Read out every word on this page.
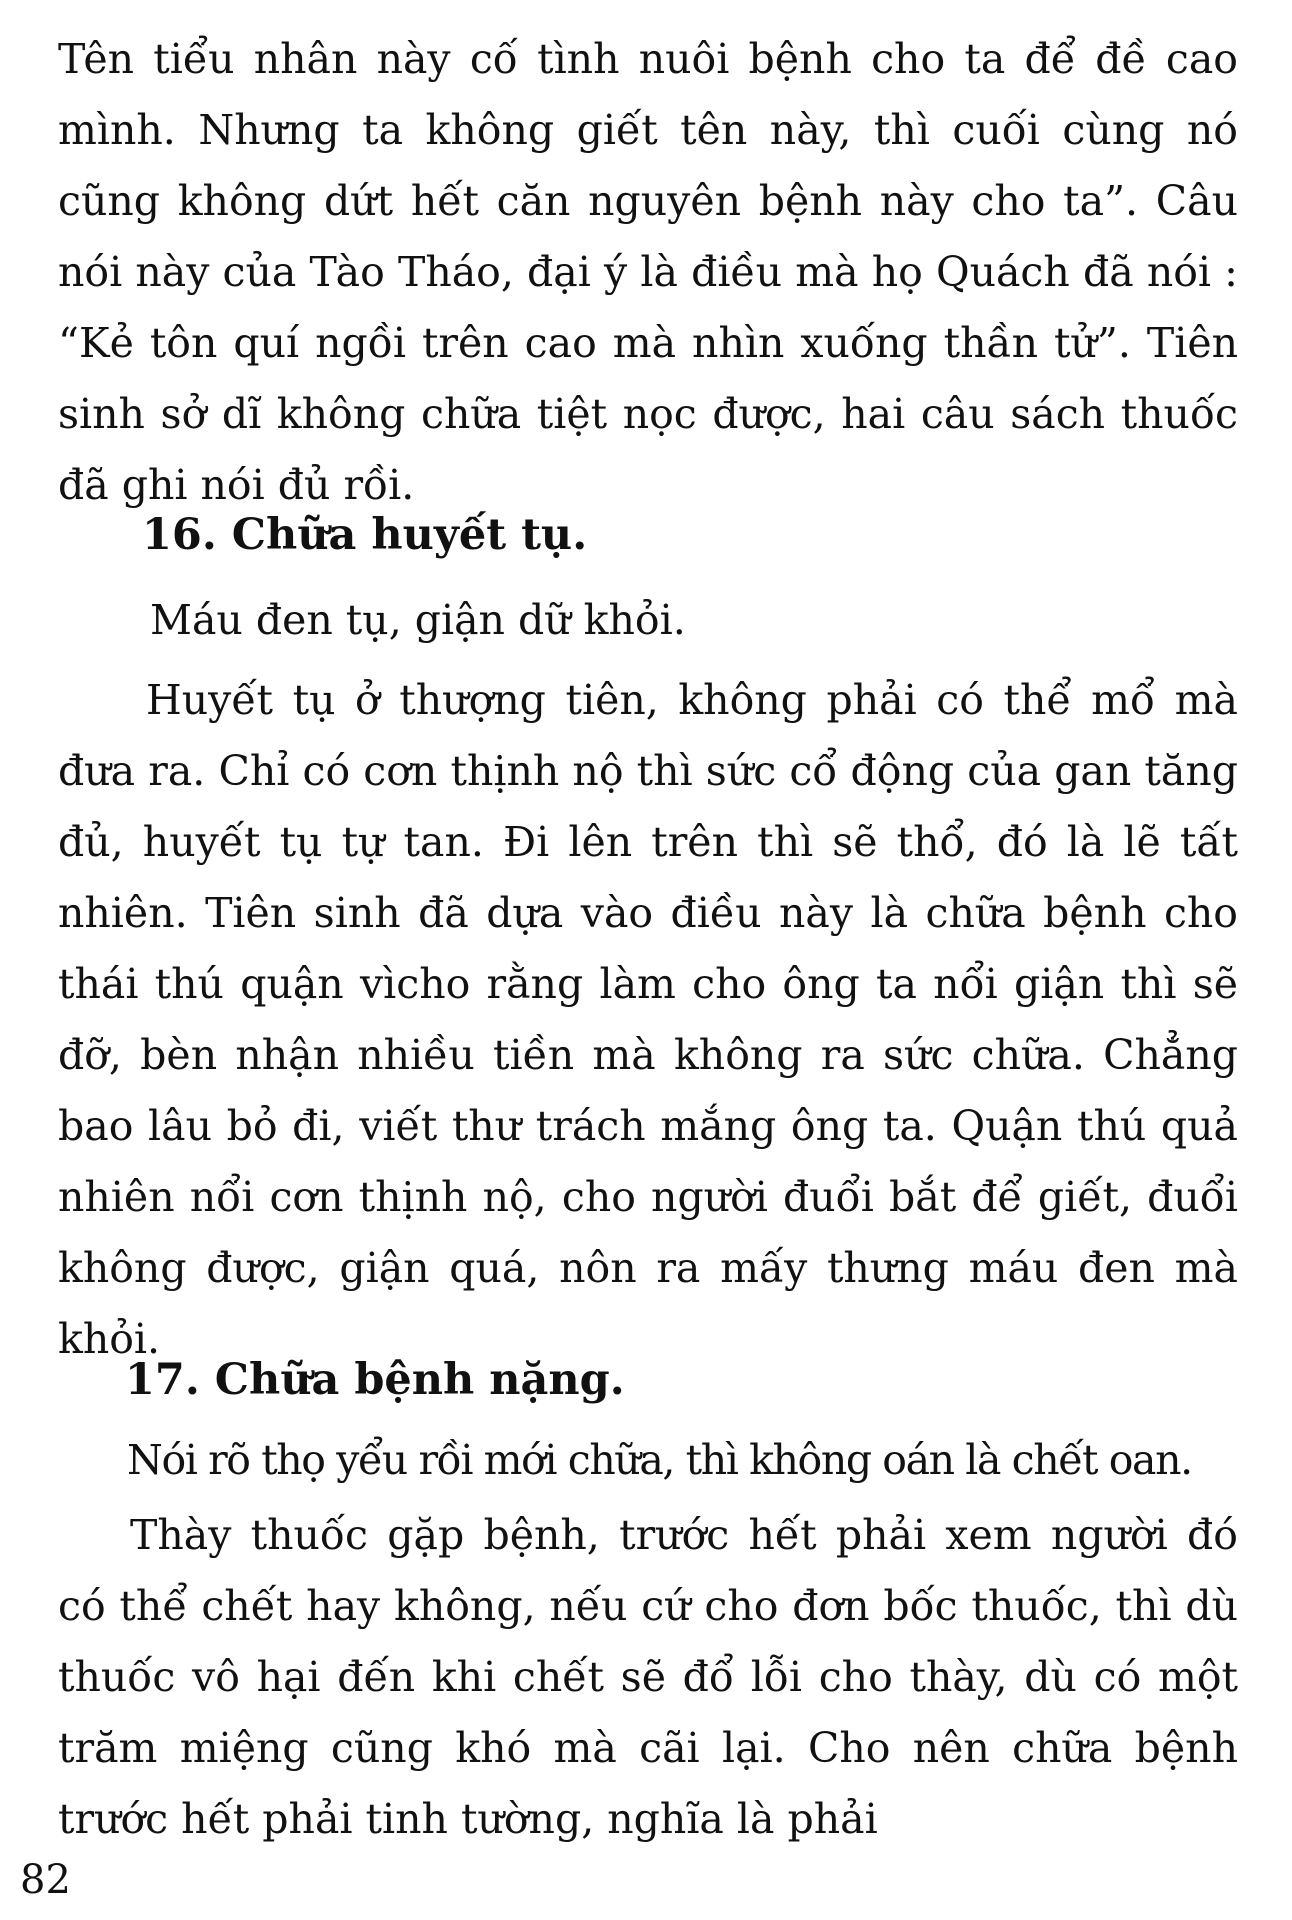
Tên tiểu nhân này cố tình nuôi bệnh cho ta để đề cao mình. Nhưng ta không giết tên này, thì cuối cùng nó cũng không dứt hết căn nguyên bệnh này cho ta”. Câu nói này của Tào Tháo, đại ý là điều mà họ Quách đã nói : “Kẻ tôn quí ngồi trên cao mà nhìn xuống thần tử”. Tiên sinh sở dĩ không chữa tiệt nọc được, hai câu sách thuốc đã ghi nói đủ rồi.

16. Chữa huyết tụ.

Máu đen tụ, giận dữ khỏi.

Huyết tụ ở thượng tiên, không phải có thể mổ mà đưa ra. Chỉ có cơn thịnh nộ thì sức cổ động của gan tăng đủ, huyết tụ tự tan. Đi lên trên thì sẽ thổ, đó là lẽ tất nhiên. Tiên sinh đã dựa vào điều này là chữa bệnh cho thái thú quận vìcho rằng làm cho ông ta nổi giận thì sẽ đỡ, bèn nhận nhiều tiền mà không ra sức chữa. Chẳng bao lâu bỏ đi, viết thư trách mắng ông ta. Quận thú quả nhiên nổi cơn thịnh nộ, cho người đuổi bắt để giết, đuổi không được, giận quá, nôn ra mấy thưng máu đen mà khỏi.

17. Chữa bệnh nặng.

Nói rõ thọ yểu rồi mới chữa, thì không oán là chết oan.

Thày thuốc gặp bệnh, trước hết phải xem người đó có thể chết hay không, nếu cứ cho đơn bốc thuốc, thì dù thuốc vô hại đến khi chết sẽ đổ lỗi cho thày, dù có một trăm miệng cũng khó mà cãi lại. Cho nên chữa bệnh trước hết phải tinh tường, nghĩa là phải

82
